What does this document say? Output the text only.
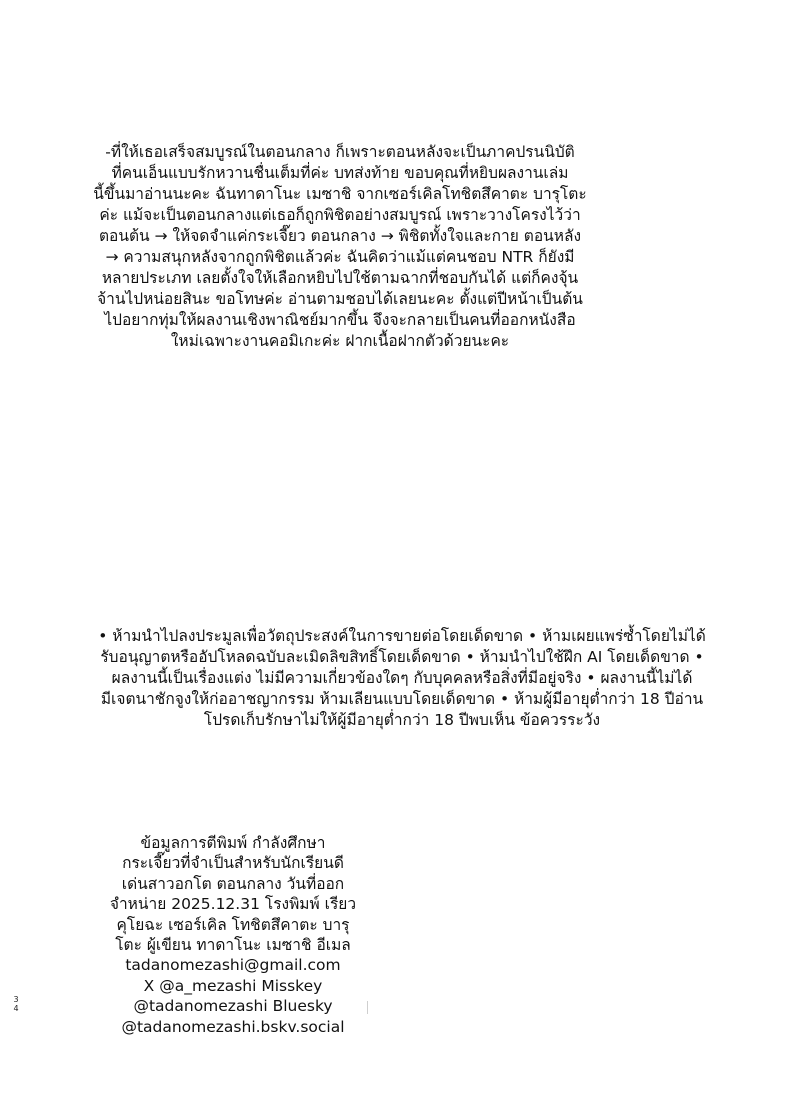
-ที่ให้เธอเสร็จสมบูรณ์ในตอนกลาง ก็เพราะตอนหลังจะเป็นภาคปรนนิบัติ
ที่คนเอ็นแบบรักหวานชื่นเต็มที่ค่ะ บทส่งท้าย ขอบคุณที่หยิบผลงานเล่ม
นี้ขึ้นมาอ่านนะคะ ฉันทาดาโนะ เมซาชิ จากเซอร์เคิลโทชิตสึคาตะ บารุโตะ
ค่ะ แม้จะเป็นตอนกลางแต่เธอก็ถูกพิชิตอย่างสมบูรณ์ เพราะวางโครงไว้ว่า
ตอนต้น → ให้จดจำแค่กระเจี๊ยว ตอนกลาง → พิชิตทั้งใจและกาย ตอนหลัง
→ ความสนุกหลังจากถูกพิชิตแล้วค่ะ ฉันคิดว่าแม้แต่คนชอบ NTR ก็ยังมี
หลายประเภท เลยตั้งใจให้เลือกหยิบไปใช้ตามฉากที่ชอบกันได้ แต่ก็คงจุ้น
จ้านไปหน่อยสินะ ขอโทษค่ะ อ่านตามชอบได้เลยนะคะ ตั้งแต่ปีหน้าเป็นต้น
ไปอยากทุ่มให้ผลงานเชิงพาณิชย์มากขึ้น จึงจะกลายเป็นคนที่ออกหนังสือ
ใหม่เฉพาะงานคอมิเกะค่ะ ฝากเนื้อฝากตัวด้วยนะคะ
• ห้ามนำไปลงประมูลเพื่อวัตถุประสงค์ในการขายต่อโดยเด็ดขาด • ห้ามเผยแพร่ซ้ำโดยไม่ได้
รับอนุญาตหรืออัปโหลดฉบับละเมิดลิขสิทธิ์โดยเด็ดขาด • ห้ามนำไปใช้ฝึก AI โดยเด็ดขาด •
ผลงานนี้เป็นเรื่องแต่ง ไม่มีความเกี่ยวข้องใดๆ กับบุคคลหรือสิ่งที่มีอยู่จริง • ผลงานนี้ไม่ได้
มีเจตนาชักจูงให้ก่ออาชญากรรม ห้ามเลียนแบบโดยเด็ดขาด • ห้ามผู้มีอายุต่ำกว่า 18 ปีอ่าน
โปรดเก็บรักษาไม่ให้ผู้มีอายุต่ำกว่า 18 ปีพบเห็น ข้อควรระวัง
ข้อมูลการตีพิมพ์ กำลังศึกษา
กระเจี๊ยวที่จำเป็นสำหรับนักเรียนดี
เด่นสาวอกโต ตอนกลาง วันที่ออก
จำหน่าย 2025.12.31 โรงพิมพ์ เรียว
คุโยฉะ เซอร์เคิล โทชิตสึคาตะ บารุ
โตะ ผู้เขียน ทาดาโนะ เมซาชิ อีเมล
tadanomezashi@gmail.com
X @a_mezashi Misskey
@tadanomezashi Bluesky
@tadanomezashi.bskv.social
3
4
